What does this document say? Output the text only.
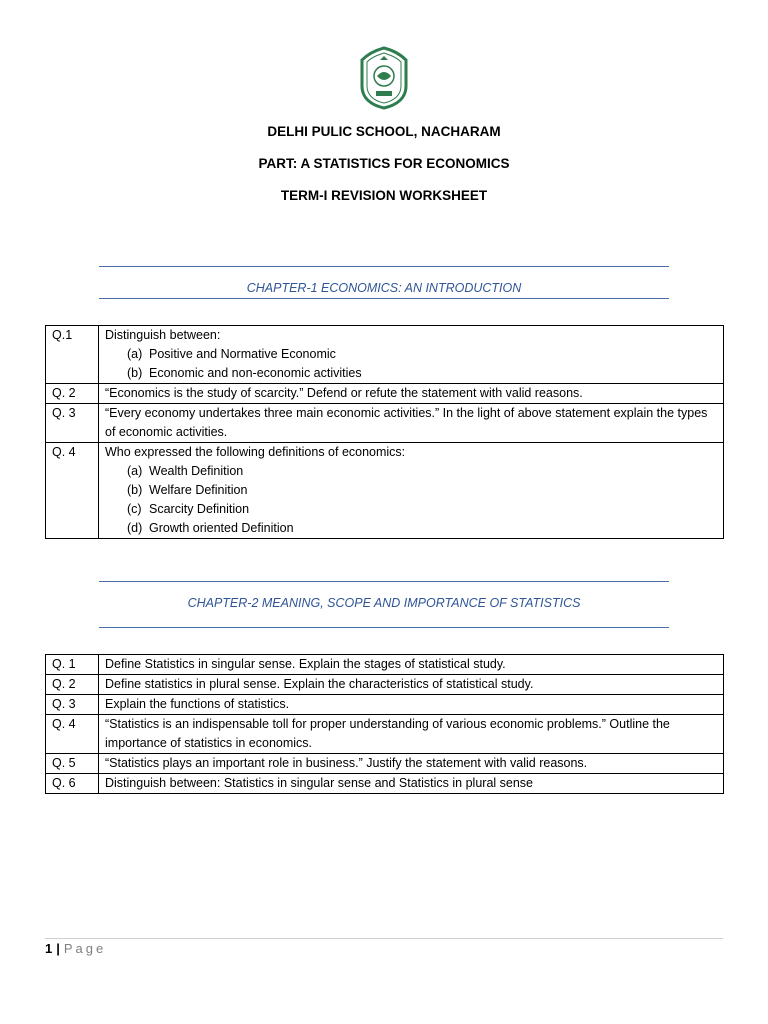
DELHI PULIC SCHOOL, NACHARAM
PART: A STATISTICS FOR ECONOMICS
TERM-I REVISION WORKSHEET
CHAPTER-1 ECONOMICS: AN INTRODUCTION
Q.1	Distinguish between:
(a) Positive and Normative Economic
(b) Economic and non-economic activities

Q. 2	“Economics is the study of scarcity.” Defend or refute the statement with valid reasons.
Q. 3	“Every economy undertakes three main economic activities.” In the light of above statement explain the types of economic activities.
Q. 4	Who expressed the following definitions of economics:
(a) Wealth Definition
(b) Welfare Definition
(c) Scarcity Definition
(d) Growth oriented Definition
CHAPTER-2 MEANING, SCOPE AND IMPORTANCE OF STATISTICS
Q. 1	Define Statistics in singular sense. Explain the stages of statistical study.
Q. 2	Define statistics in plural sense. Explain the characteristics of statistical study.
Q. 3	Explain the functions of statistics.
Q. 4	“Statistics is an indispensable toll for proper understanding of various economic problems.” Outline the importance of statistics in economics.
Q. 5	“Statistics plays an important role in business.” Justify the statement with valid reasons.
Q. 6	Distinguish between: Statistics in singular sense and Statistics in plural sense
1 | Page
